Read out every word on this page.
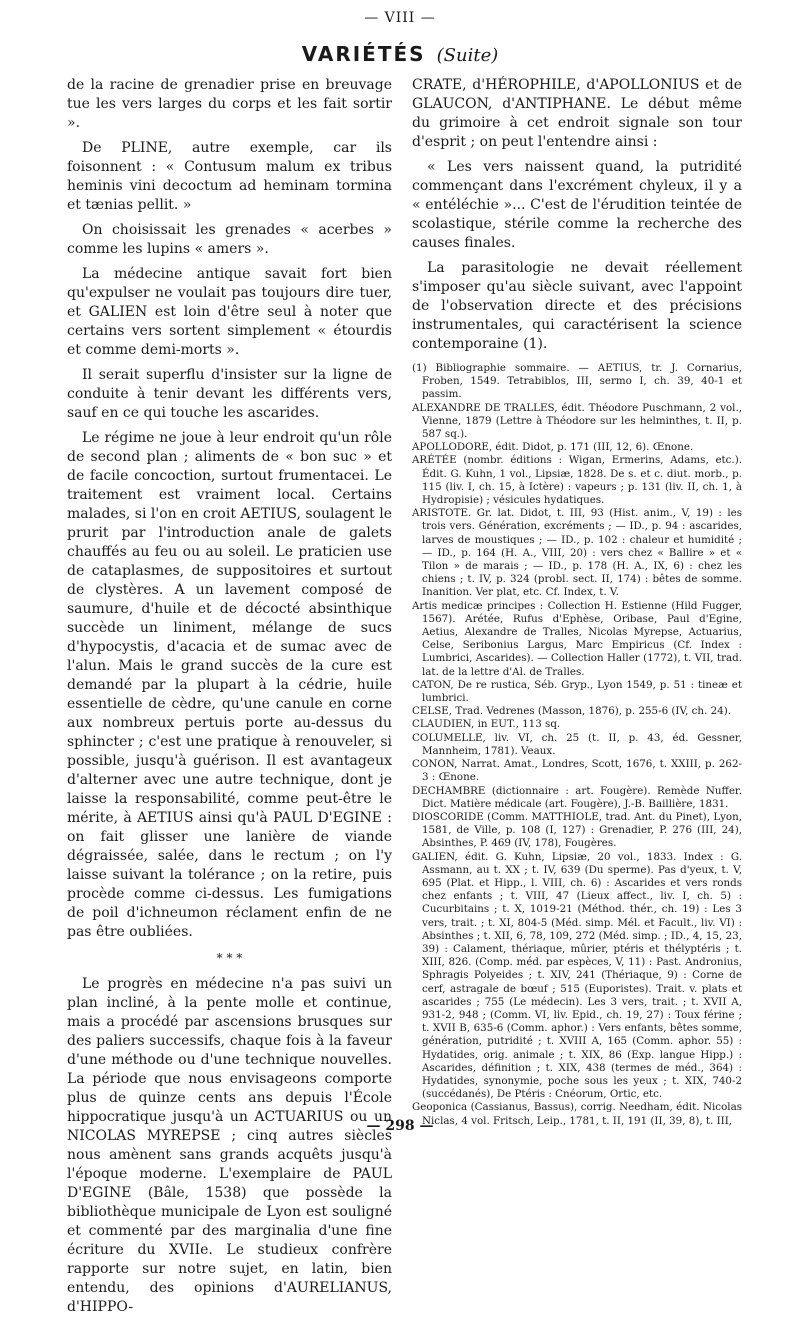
— VIII —
VARIÉTÉS (Suite)

de la racine de grenadier prise en breuvage tue les vers larges du corps et les fait sortir ».

De PLINE, autre exemple, car ils foisonnent : « Contusum malum ex tribus heminis vini decoctum ad heminam tormina et tænias pellit. »

On choisissait les grenades « acerbes » comme les lupins « amers ».

La médecine antique savait fort bien qu'expulser ne voulait pas toujours dire tuer, et GALIEN est loin d'être seul à noter que certains vers sortent simplement « étourdis et comme demi-morts ».

Il serait superflu d'insister sur la ligne de conduite à tenir devant les différents vers, sauf en ce qui touche les ascarides.

Le régime ne joue à leur endroit qu'un rôle de second plan ; aliments de « bon suc » et de facile concoction, surtout frumentacei. Le traitement est vraiment local. Certains malades, si l'on en croit AETIUS, soulagent le prurit par l'introduction anale de galets chauffés au feu ou au soleil. Le praticien use de cataplasmes, de suppositoires et surtout de clystères. A un lavement composé de saumure, d'huile et de décocté absinthique succède un liniment, mélange de sucs d'hypocystis, d'acacia et de sumac avec de l'alun. Mais le grand succès de la cure est demandé par la plupart à la cédrie, huile essentielle de cèdre, qu'une canule en corne aux nombreux pertuis porte au-dessus du sphincter ; c'est une pratique à renouveler, si possible, jusqu'à guérison. Il est avantageux d'alterner avec une autre technique, dont je laisse la responsabilité, comme peut-être le mérite, à AETIUS ainsi qu'à PAUL D'EGINE : on fait glisser une lanière de viande dégraissée, salée, dans le rectum ; on l'y laisse suivant la tolérance ; on la retire, puis procède comme ci-dessus. Les fumigations de poil d'ichneumon réclament enfin de ne pas être oubliées.

* * *

Le progrès en médecine n'a pas suivi un plan incliné, à la pente molle et continue, mais a procédé par ascensions brusques sur des paliers successifs, chaque fois à la faveur d'une méthode ou d'une technique nouvelles. La période que nous envisageons comporte plus de quinze cents ans depuis l'École hippocratique jusqu'à un ACTUARIUS ou un NICOLAS MYREPSE ; cinq autres siècles nous amènent sans grands acquêts jusqu'à l'époque moderne. L'exemplaire de PAUL D'EGINE (Bâle, 1538) que possède la bibliothèque municipale de Lyon est souligné et commenté par des marginalia d'une fine écriture du XVIIe. Le studieux confrère rapporte sur notre sujet, en latin, bien entendu, des opinions d'AURELIANUS, d'HIPPO-

CRATE, d'HÉROPHILE, d'APOLLONIUS et de GLAUCON, d'ANTIPHANE. Le début même du grimoire à cet endroit signale son tour d'esprit ; on peut l'entendre ainsi :

« Les vers naissent quand, la putridité commençant dans l'excrément chyleux, il y a « entéléchie »... C'est de l'érudition teintée de scolastique, stérile comme la recherche des causes finales.

La parasitologie ne devait réellement s'imposer qu'au siècle suivant, avec l'appoint de l'observation directe et des précisions instrumentales, qui caractérisent la science contemporaine (1).

(1) Bibliographie sommaire. — AETIUS, tr. J. Cornarius, Froben, 1549. Tetrabiblos, III, sermo I, ch. 39, 40-1 et passim.

ALEXANDRE DE TRALLES, édit. Théodore Puschmann, 2 vol., Vienne, 1879 (Lettre à Théodore sur les helminthes, t. II, p. 587 sq.).

APOLLODORE, édit. Didot, p. 171 (III, 12, 6). Œnone.

ARÉTÉE (nombr. éditions : Wigan, Ermerins, Adams, etc.). Édit. G. Kuhn, 1 vol., Lipsiæ, 1828. De s. et c. diut. morb., p. 115 (liv. I, ch. 15, à Ictère) : vapeurs ; p. 131 (liv. II, ch. 1, à Hydropisie) ; vésicules hydatiques.

ARISTOTE. Gr. lat. Didot, t. III, 93 (Hist. anim., V, 19) : les trois vers. Génération, excréments ; — ID., p. 94 : ascarides, larves de moustiques ; — ID., p. 102 : chaleur et humidité ; — ID., p. 164 (H. A., VIII, 20) : vers chez « Ballire » et « Tilon » de marais ; — ID., p. 178 (H. A., IX, 6) : chez les chiens ; t. IV, p. 324 (probl. sect. II, 174) : bêtes de somme. Inanition. Ver plat, etc. Cf. Index, t. V.

Artis medicæ principes : Collection H. Estienne (Hild Fugger, 1567). Arétée, Rufus d'Ephèse, Oribase, Paul d'Egine, Aetius, Alexandre de Tralles, Nicolas Myrepse, Actuarius, Celse, Seribonius Largus, Marc Empiricus (Cf. Index : Lumbrici, Ascarides). — Collection Haller (1772), t. VII, trad. lat. de la lettre d'Al. de Tralles.

CATON, De re rustica, Séb. Gryp., Lyon 1549, p. 51 : tineæ et lumbrici.

CELSE, Trad. Vedrenes (Masson, 1876), p. 255-6 (IV, ch. 24).

CLAUDIEN, in EUT., 113 sq.

COLUMELLE, liv. VI, ch. 25 (t. II, p. 43, éd. Gessner, Mannheim, 1781). Veaux.

CONON, Narrat. Amat., Londres, Scott, 1676, t. XXIII, p. 262-3 : Œnone.

DECHAMBRE (dictionnaire : art. Fougère). Remède Nuffer. Dict. Matière médicale (art. Fougère), J.-B. Baillière, 1831.

DIOSCORIDE (Comm. MATTHIOLE, trad. Ant. du Pinet), Lyon, 1581, de Ville, p. 108 (I, 127) : Grenadier, P. 276 (III, 24), Absinthes, P. 469 (IV, 178), Fougères.

GALIEN, édit. G. Kuhn, Lipsiæ, 20 vol., 1833. Index : G. Assmann, au t. XX ; t. IV, 639 (Du sperme). Pas d'yeux, t. V, 695 (Plat. et Hipp., l. VIII, ch. 6) : Ascarides et vers ronds chez enfants ; t. VIII, 47 (Lieux affect., liv. I, ch. 5) : Cucurbitains ; t. X, 1019-21 (Méthod. thér., ch. 19) : Les 3 vers, trait. ; t. XI, 804-5 (Méd. simp. Mél. et Facult., liv. VI) : Absinthes ; t. XII, 6, 78, 109, 272 (Méd. simp. ; ID., 4, 15, 23, 39) : Calament, thériaque, mûrier, ptéris et thélyptéris ; t. XIII, 826. (Comp. méd. par espèces, V, 11) : Past. Andronius, Sphragis Polyeides ; t. XIV, 241 (Thériaque, 9) : Corne de cerf, astragale de bœuf ; 515 (Euporistes). Trait. v. plats et ascarides ; 755 (Le médecin). Les 3 vers, trait. ; t. XVII A, 931-2, 948 ; (Comm. VI, liv. Epid., ch. 19, 27) : Toux férine ; t. XVII B, 635-6 (Comm. aphor.) : Vers enfants, bêtes somme, génération, putridité ; t. XVIII A, 165 (Comm. aphor. 55) : Hydatides, orig. animale ; t. XIX, 86 (Exp. langue Hipp.) : Ascarides, définition ; t. XIX, 438 (termes de méd., 364) : Hydatides, synonymie, poche sous les yeux ; t. XIX, 740-2 (succédanés), De Ptéris : Cnéorum, Ortic, etc.

Geoponica (Cassianus, Bassus), corrig. Needham, édit. Nicolas Niclas, 4 vol. Fritsch, Leip., 1781, t. II, 191 (II, 39, 8), t. III,

— 298 —
